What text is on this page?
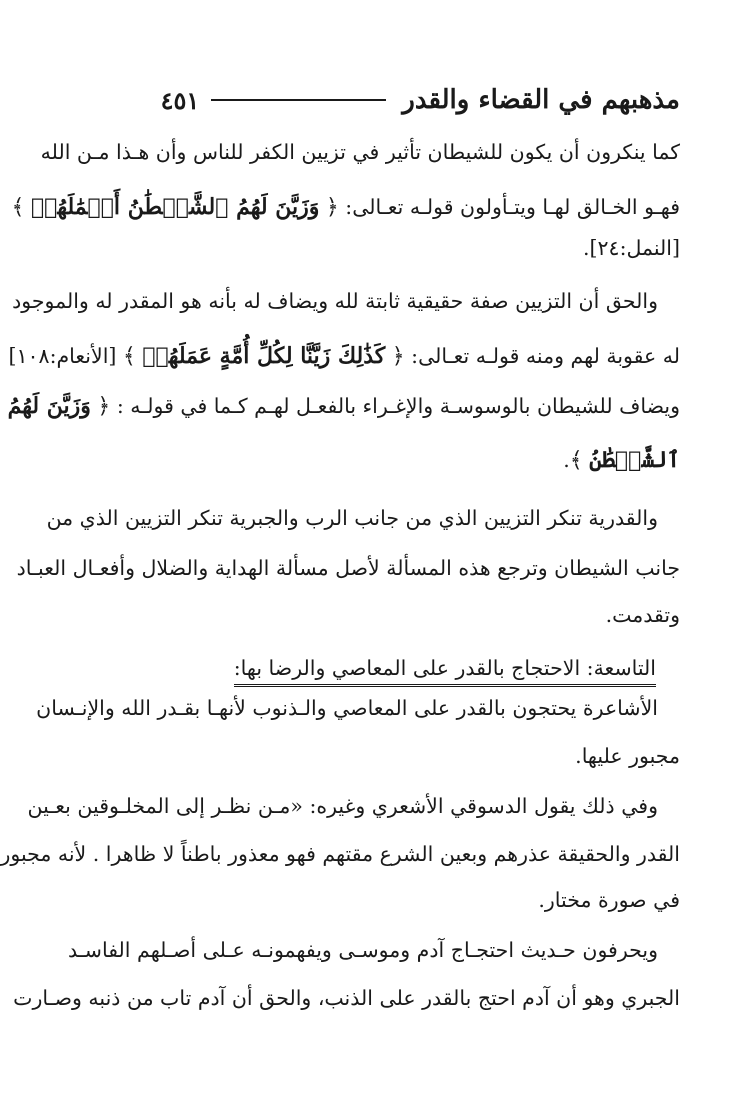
مذهبهم في القضاء والقدر
٤٥١
كما ينكرون أن يكون للشيطان تأثير في تزيين الكفر للناس وأن هـذا مـن الله
فهـو الخـالق لهـا ويتـأولون قولـه تعـالى: ﴿ وَزَيَّنَ لَهُمُ ٱلشَّيۡطَٰنُ أَعۡمَٰلَهُمۡ ﴾
[النمل:٢٤].
والحق أن التزيين صفة حقيقية ثابتة لله ويضاف له بأنه هو المقدر له والموجود
له عقوبة لهم ومنه قولـه تعـالى: ﴿ كَذَٰلِكَ زَيَّنَّا لِكُلِّ أُمَّةٍ عَمَلَهُمۡ ﴾ [الأنعام:١٠٨]
ويضاف للشيطان بالوسوسـة والإغـراء بالفعـل لهـم كـما في قولـه : ﴿ وَزَيَّنَ لَهُمُ
ٱلشَّيۡطَٰنُ ﴾.
والقدرية تنكر التزيين الذي من جانب الرب والجبرية تنكر التزيين الذي من
جانب الشيطان وترجع هذه المسألة لأصل مسألة الهداية والضلال وأفعـال العبـاد
وتقدمت.
الأشاعرة يحتجون بالقدر على المعاصي والـذنوب لأنهـا بقـدر الله والإنـسان
مجبور عليها.
وفي ذلك يقول الدسوقي الأشعري وغيره: «مـن نظـر إلى المخلـوقين بعـين
القدر والحقيقة عذرهم وبعين الشرع مقتهم فهو معذور باطناً لا ظاهرا . لأنه مجبور
في صورة مختار.
ويحرفون حـديث احتجـاج آدم وموسـى ويفهمونـه عـلى أصـلهم الفاسـد
الجبري وهو أن آدم احتج بالقدر على الذنب، والحق أن آدم تاب من ذنبه وصـارت
التاسعة: الاحتجاج بالقدر على المعاصي والرضا بها:
